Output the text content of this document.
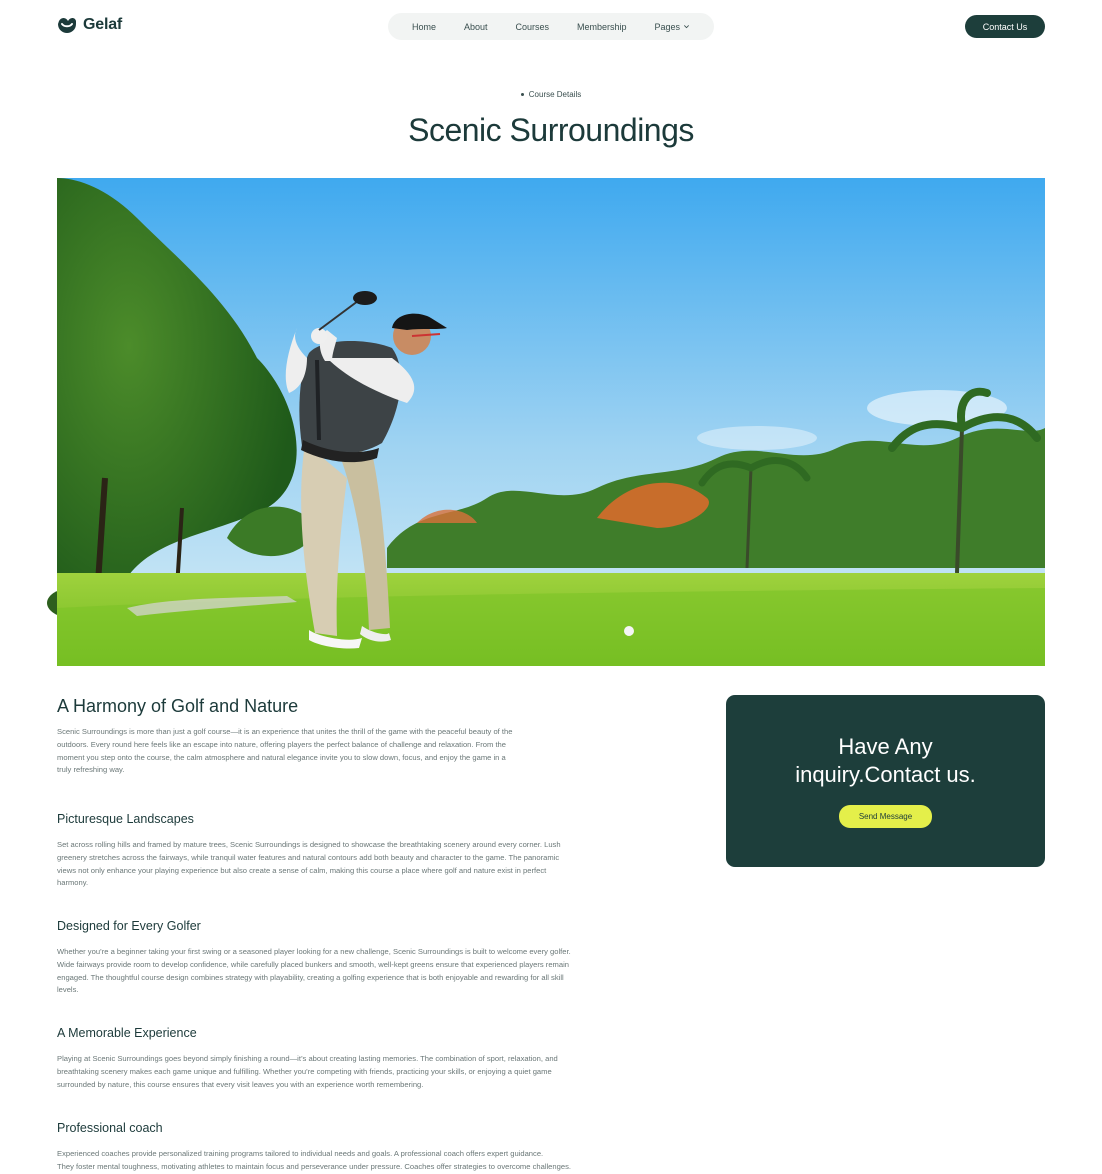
Gelaf	Home	About	Courses	Membership	Pages	Contact Us
Course Details
Scenic Surroundings
A Harmony of Golf and Nature

Scenic Surroundings is more than just a golf course—it is an experience that unites the thrill of the game with the peaceful beauty of the
outdoors. Every round here feels like an escape into nature, offering players the perfect balance of challenge and relaxation. From the
moment you step onto the course, the calm atmosphere and natural elegance invite you to slow down, focus, and enjoy the game in a
truly refreshing way.

Picturesque Landscapes

Set across rolling hills and framed by mature trees, Scenic Surroundings is designed to showcase the breathtaking scenery around every corner. Lush
greenery stretches across the fairways, while tranquil water features and natural contours add both beauty and character to the game. The panoramic
views not only enhance your playing experience but also create a sense of calm, making this course a place where golf and nature exist in perfect
harmony.

Designed for Every Golfer

Whether you’re a beginner taking your first swing or a seasoned player looking for a new challenge, Scenic Surroundings is built to welcome every golfer.
Wide fairways provide room to develop confidence, while carefully placed bunkers and smooth, well-kept greens ensure that experienced players remain
engaged. The thoughtful course design combines strategy with playability, creating a golfing experience that is both enjoyable and rewarding for all skill
levels.

A Memorable Experience

Playing at Scenic Surroundings goes beyond simply finishing a round—it’s about creating lasting memories. The combination of sport, relaxation, and
breathtaking scenery makes each game unique and fulfilling. Whether you’re competing with friends, practicing your skills, or enjoying a quiet game
surrounded by nature, this course ensures that every visit leaves you with an experience worth remembering.

Professional coach

Experienced coaches provide personalized training programs tailored to individual needs and goals. A professional coach offers expert guidance.
They foster mental toughness, motivating athletes to maintain focus and perseverance under pressure. Coaches offer strategies to overcome challenges.

Have Any
inquiry.Contact us.
Send Message
